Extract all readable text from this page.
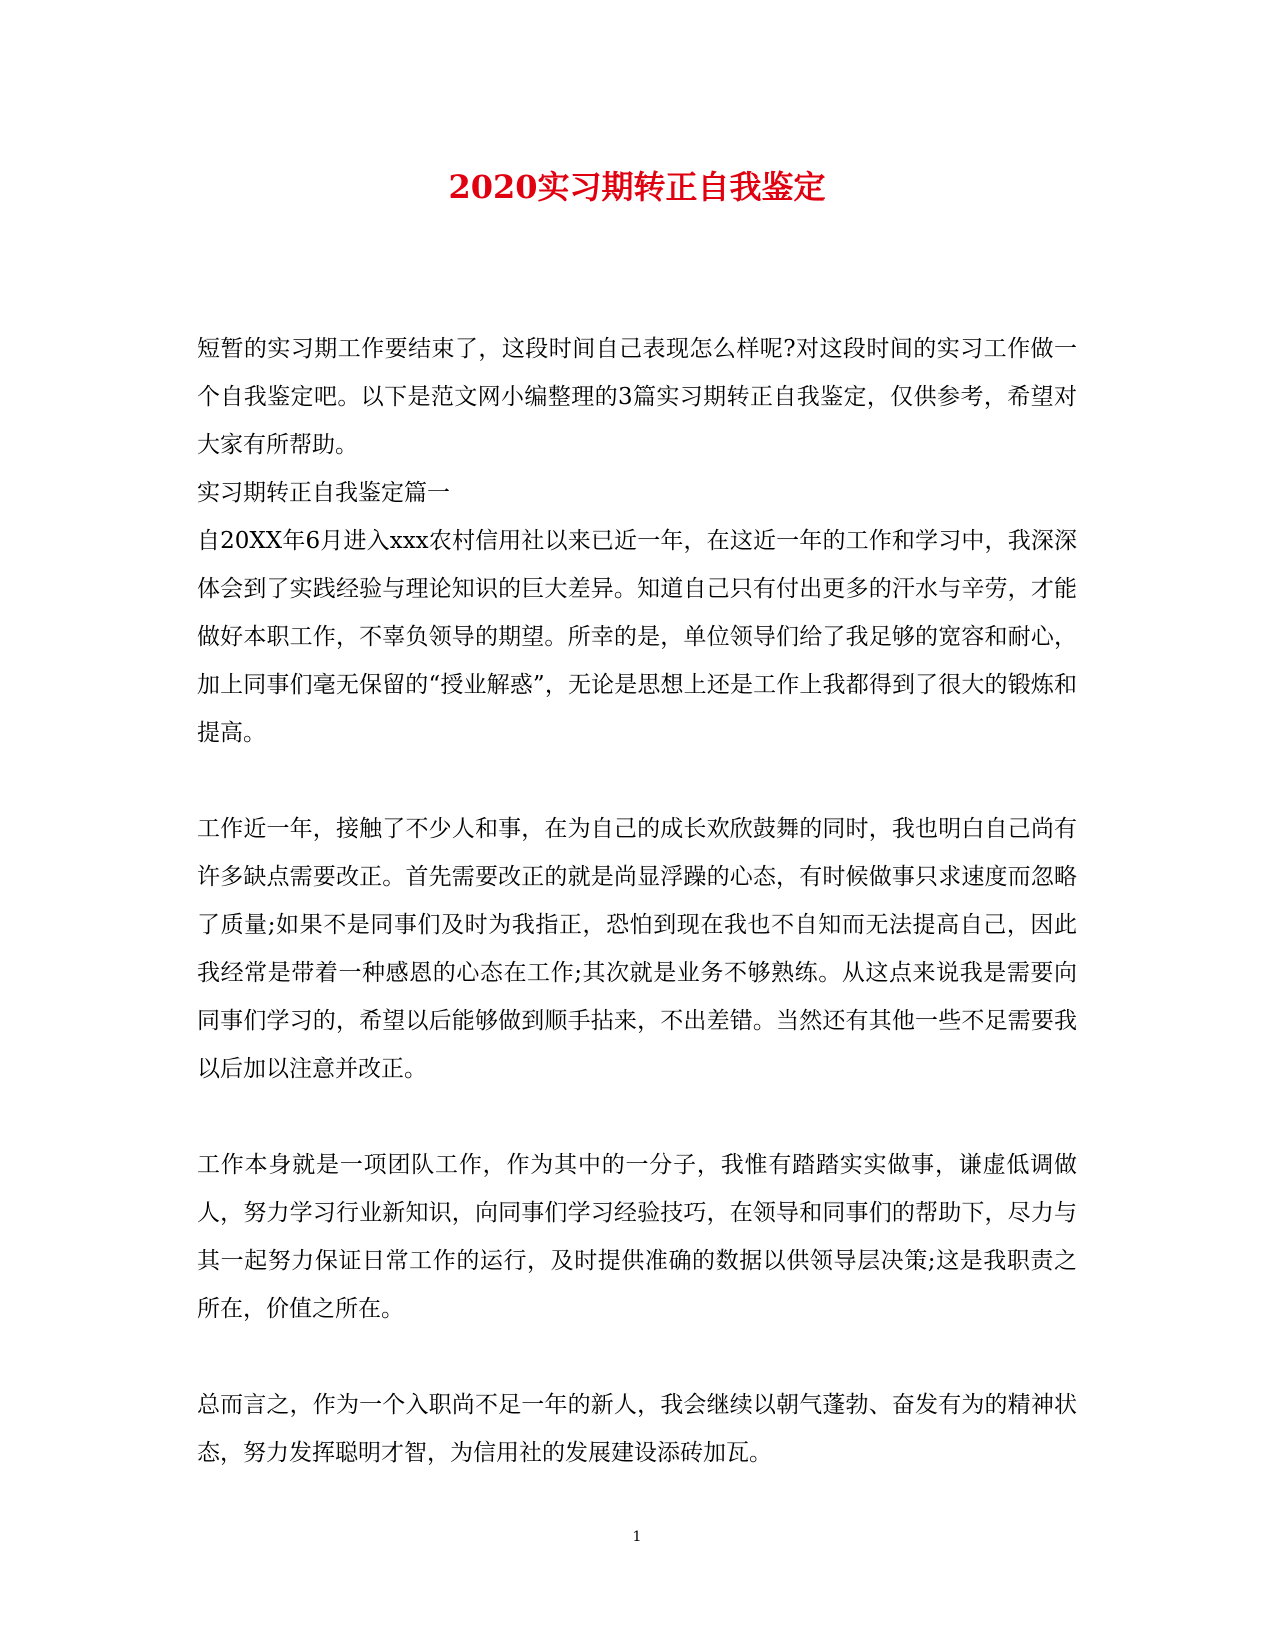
2020实习期转正自我鉴定

短暂的实习期工作要结束了，这段时间自己表现怎么样呢?对这段时间的实习工作做一个自我鉴定吧。以下是范文网小编整理的3篇实习期转正自我鉴定，仅供参考，希望对大家有所帮助。

实习期转正自我鉴定篇一

自20XX年6月进入xxx农村信用社以来已近一年，在这近一年的工作和学习中，我深深体会到了实践经验与理论知识的巨大差异。知道自己只有付出更多的汗水与辛劳，才能做好本职工作，不辜负领导的期望。所幸的是，单位领导们给了我足够的宽容和耐心，加上同事们毫无保留的“授业解惑”，无论是思想上还是工作上我都得到了很大的锻炼和提高。

工作近一年，接触了不少人和事，在为自己的成长欢欣鼓舞的同时，我也明白自己尚有许多缺点需要改正。首先需要改正的就是尚显浮躁的心态，有时候做事只求速度而忽略了质量;如果不是同事们及时为我指正，恐怕到现在我也不自知而无法提高自己，因此我经常是带着一种感恩的心态在工作;其次就是业务不够熟练。从这点来说我是需要向同事们学习的，希望以后能够做到顺手拈来，不出差错。当然还有其他一些不足需要我以后加以注意并改正。

工作本身就是一项团队工作，作为其中的一分子，我惟有踏踏实实做事，谦虚低调做人，努力学习行业新知识，向同事们学习经验技巧，在领导和同事们的帮助下，尽力与其一起努力保证日常工作的运行，及时提供准确的数据以供领导层决策;这是我职责之所在，价值之所在。

总而言之，作为一个入职尚不足一年的新人，我会继续以朝气蓬勃、奋发有为的精神状态，努力发挥聪明才智，为信用社的发展建设添砖加瓦。

1
